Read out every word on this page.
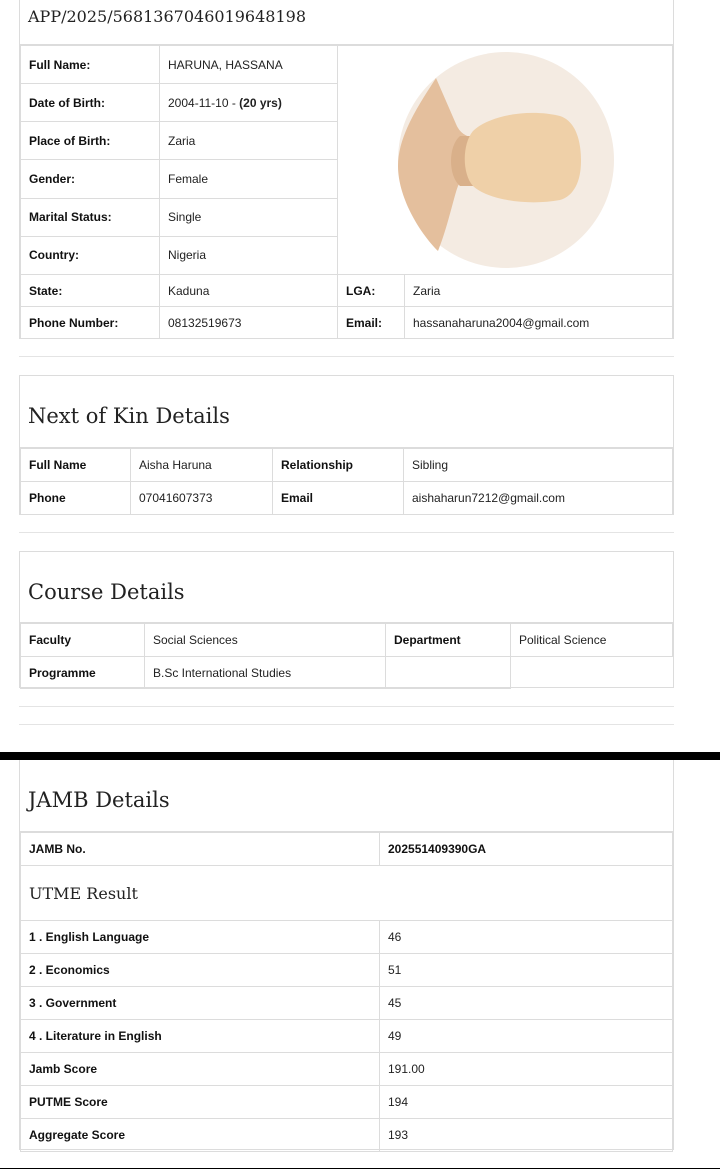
APP/2025/5681367046019648198
Full Name:	HARUNA, HASSANA	

Date of Birth:	2004-11-10 - (20 yrs)		
Place of Birth:	Zaria		
Gender:	Female		
Marital Status:	Single		
Country:	Nigeria		
State:	Kaduna	LGA:	Zaria
Phone Number:	08132519673	Email:	hassanaharuna2004@gmail.com
Next of Kin Details
Full Name	Aisha Haruna	Relationship	Sibling
Phone	07041607373	Email	aishaharun7212@gmail.com
Course Details
Faculty	Social Sciences	Department	Political Science
Programme	B.Sc International Studies		
JAMB Details
JAMB No.	202551409390GA
UTME Result	
1 . English Language	46
2 . Economics	51
3 . Government	45
4 . Literature in English	49
Jamb Score	191.00
PUTME Score	194
Aggregate Score	193
